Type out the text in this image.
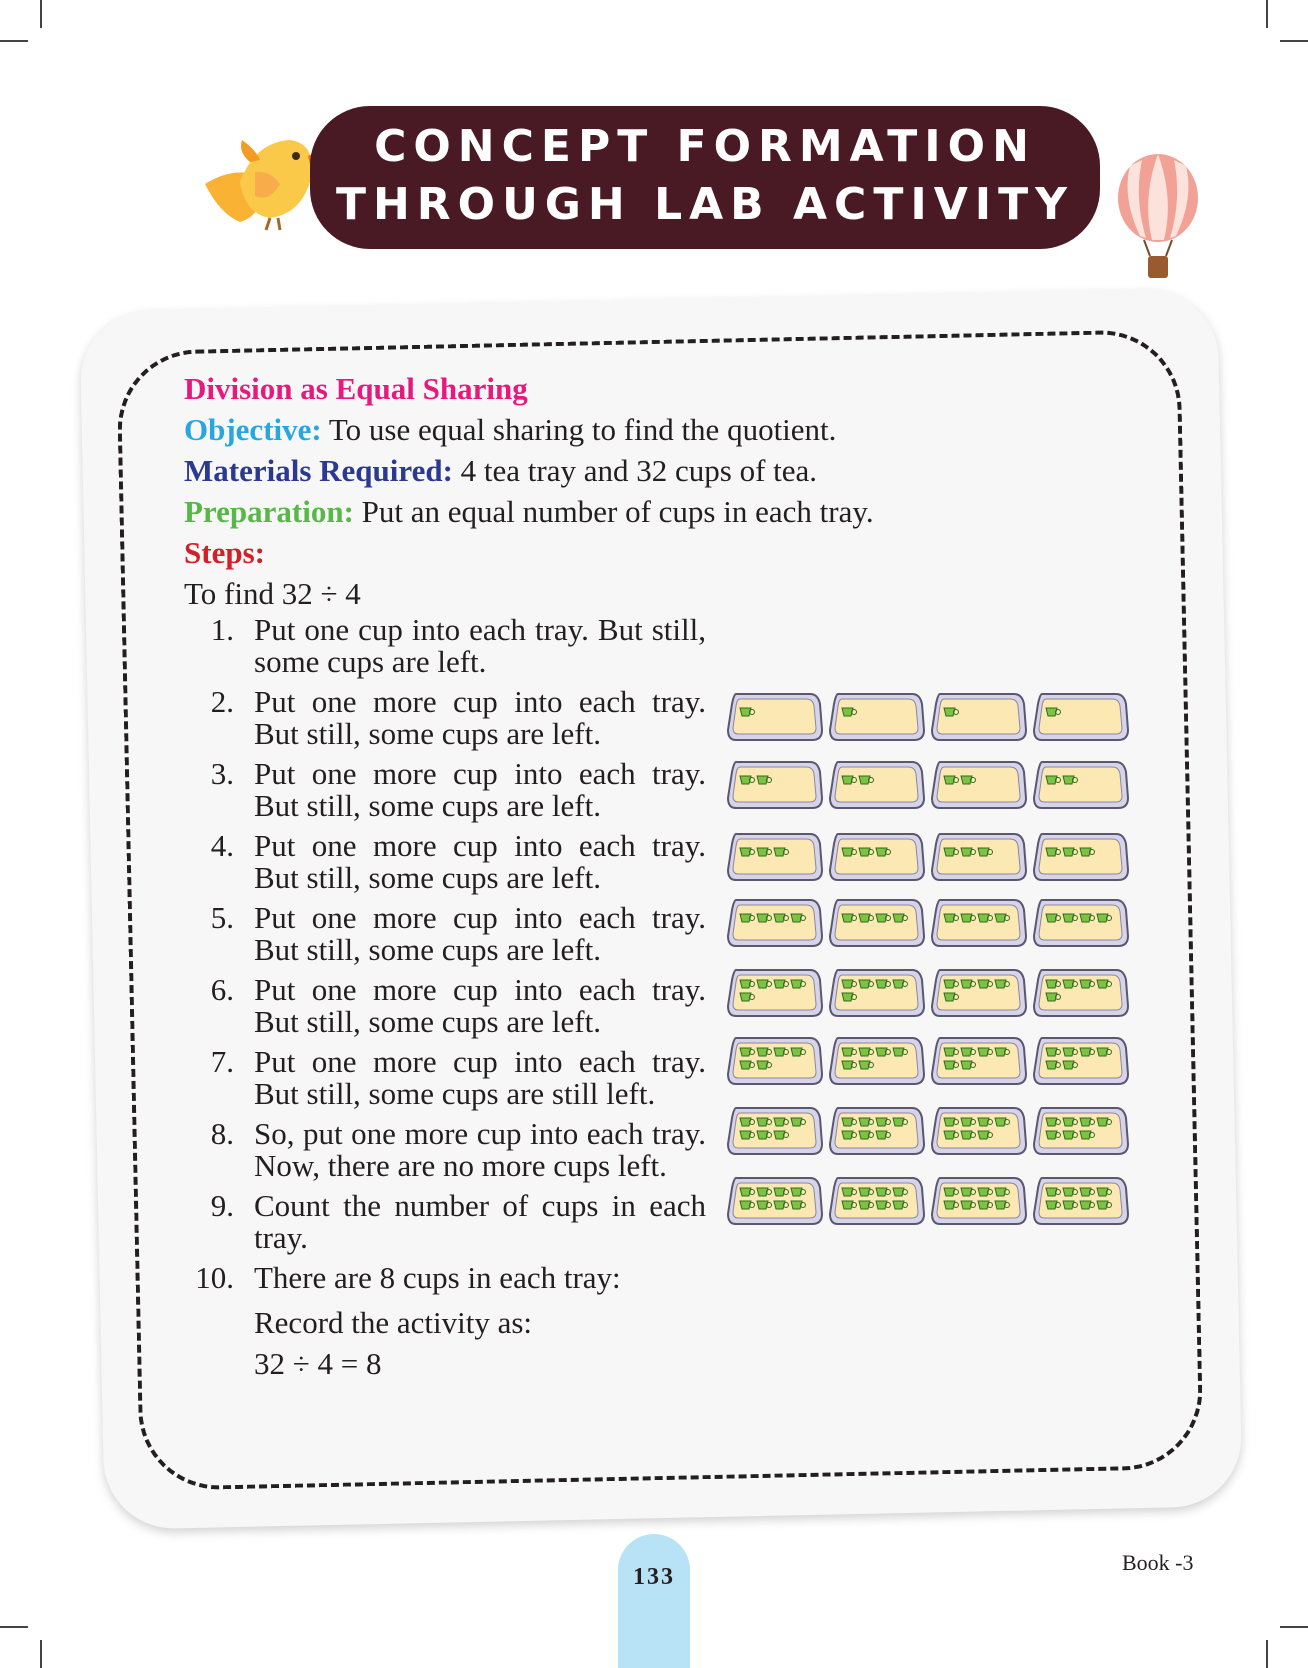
CONCEPT FORMATION
THROUGH LAB ACTIVITY

Division as Equal Sharing

Objective: To use equal sharing to find the quotient.

Materials Required: 4 tea tray and 32 cups of tea.

Preparation: Put an equal number of cups in each tray.

Steps:

To find 32 ÷ 4

1. Put one cup into each tray. But still, some cups are left.
2. Put one more cup into each tray. But still, some cups are left.
3. Put one more cup into each tray. But still, some cups are left.
4. Put one more cup into each tray. But still, some cups are left.
5. Put one more cup into each tray. But still, some cups are left.
6. Put one more cup into each tray. But still, some cups are left.
7. Put one more cup into each tray. But still, some cups are still left.
8. So, put one more cup into each tray. Now, there are no more cups left.
9. Count the number of cups in each tray.
10. There are 8 cups in each tray:

Record the activity as:

32 ÷ 4 = 8

133
Book -3
